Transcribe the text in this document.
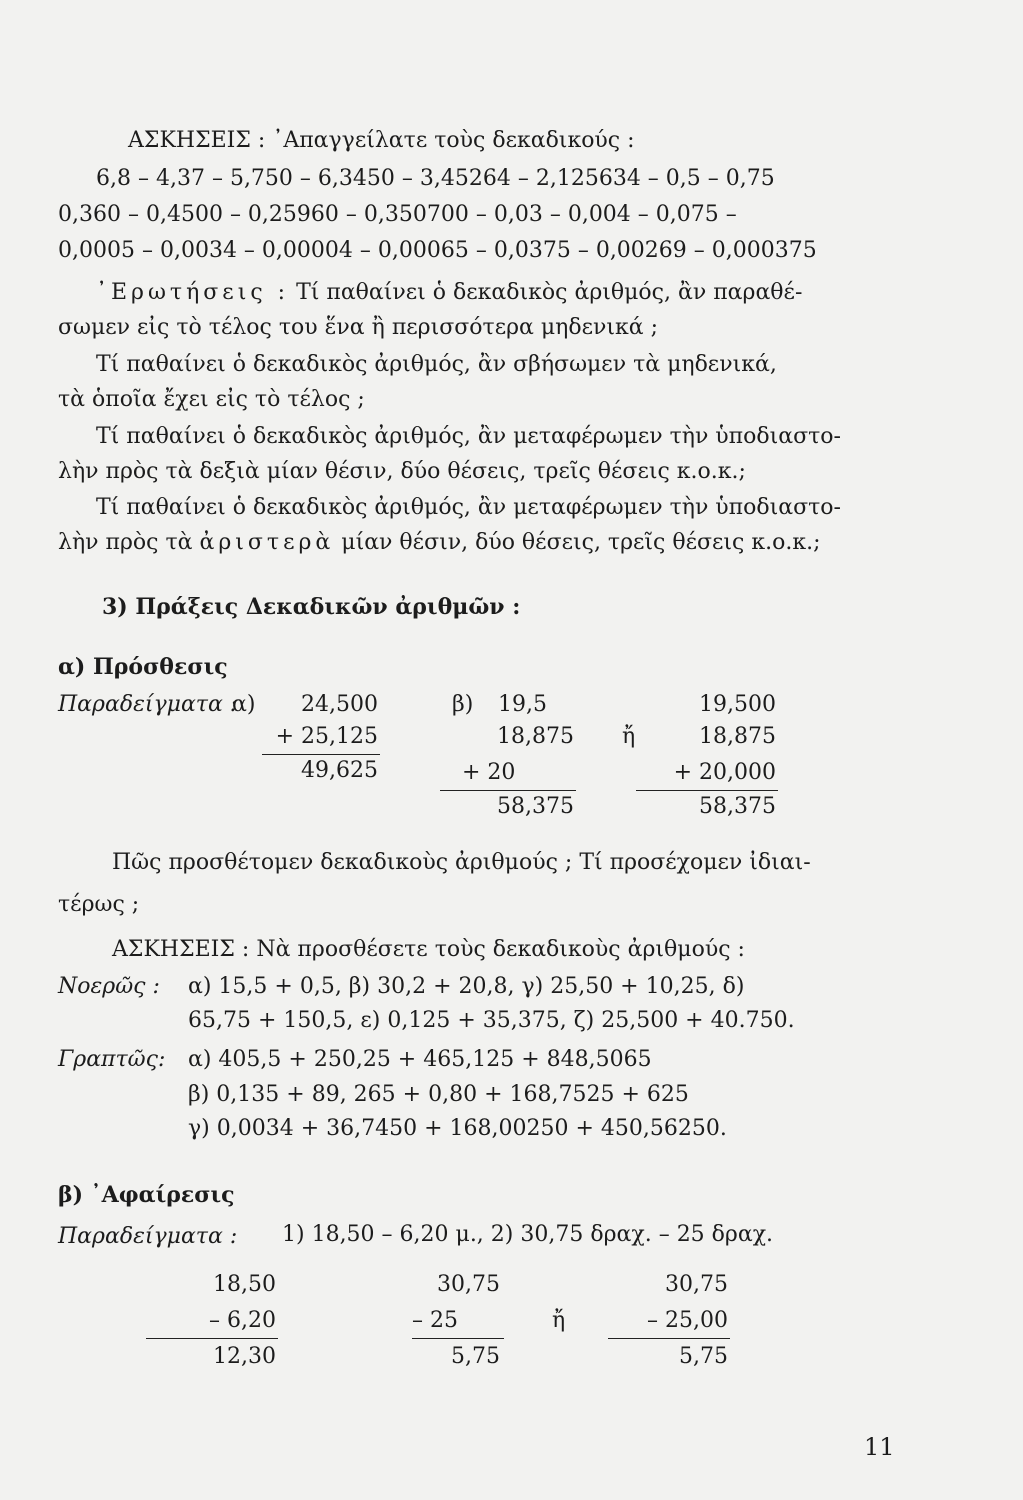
ΑΣΚΗΣΕΙΣ : ᾿Απαγγείλατε τοὺς δεκαδικούς :
6,8 – 4,37 – 5,750 – 6,3450 – 3,45264 – 2,125634 – 0,5 – 0,75
0,360 – 0,4500 – 0,25960 – 0,350700 – 0,03 – 0,004 – 0,075 –
0,0005 – 0,0034 – 0,00004 – 0,00065 – 0,0375 – 0,00269 – 0,000375
᾿Ερωτήσεις : Τί παθαίνει ὁ δεκαδικὸς ἀριθμός, ἂν παραθέ-
σωμεν εἰς τὸ τέλος του ἕνα ἢ περισσότερα μηδενικά ;
Τί παθαίνει ὁ δεκαδικὸς ἀριθμός, ἂν σβήσωμεν τὰ μηδενικά,
τὰ ὁποῖα ἔχει εἰς τὸ τέλος ;
Τί παθαίνει ὁ δεκαδικὸς ἀριθμός, ἂν μεταφέρωμεν τὴν ὑποδιαστο-
λὴν πρὸς τὰ δεξιὰ μίαν θέσιν, δύο θέσεις, τρεῖς θέσεις κ.ο.κ.;
Τί παθαίνει ὁ δεκαδικὸς ἀριθμός, ἂν μεταφέρωμεν τὴν ὑποδιαστο-
λὴν πρὸς τὰ ἀριστερὰ μίαν θέσιν, δύο θέσεις, τρεῖς θέσεις κ.ο.κ.;
3) Πράξεις Δεκαδικῶν ἀριθμῶν :
α) Πρόσθεσις
Παραδείγματα :
α)	24,500
+ 25,125
49,625
β) 19,5
18,875
+ 20
58,375
ἤ
19,500
18,875
+ 20,000
58,375
Πῶς προσθέτομεν δεκαδικοὺς ἀριθμούς ; Τί προσέχομεν ἰδιαι-
τέρως ;
ΑΣΚΗΣΕΙΣ : Νὰ προσθέσετε τοὺς δεκαδικοὺς ἀριθμούς :
Νοερῶς : α) 15,5 + 0,5, β) 30,2 + 20,8, γ) 25,50 + 10,25, δ)
65,75 + 150,5, ε) 0,125 + 35,375, ζ) 25,500 + 40.750.
Γραπτῶς: α) 405,5 + 250,25 + 465,125 + 848,5065
β) 0,135 + 89, 265 + 0,80 + 168,7525 + 625
γ) 0,0034 + 36,7450 + 168,00250 + 450,56250.
β) ᾿Αφαίρεσις
Παραδείγματα : 1) 18,50 – 6,20 μ., 2) 30,75 δραχ. – 25 δραχ.
18,50
– 6,20
12,30
30,75
– 25
5,75
ἤ
30,75
– 25,00
5,75
11
